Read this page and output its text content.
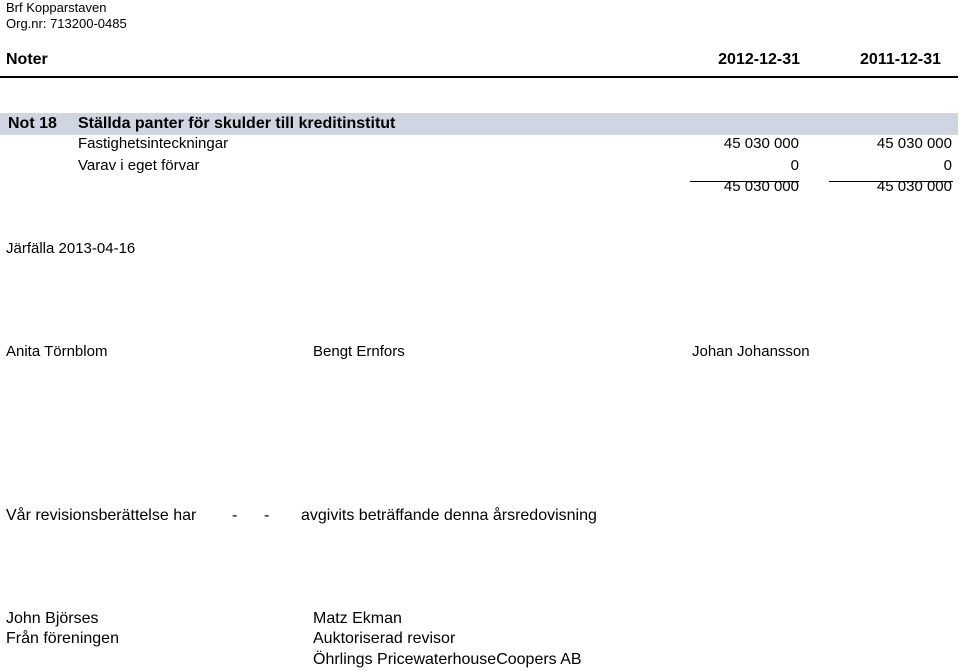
Brf Kopparstaven
Org.nr: 713200-0485
Noter	2012-12-31	2011-12-31
Not 18 Ställda panter för skulder till kreditinstitut
Fastighetsinteckningar	45 030 000	45 030 000
Varav i eget förvar	0	0
45 030 000	45 030 000
Järfälla 2013-04-16
Anita Törnblom	Bengt Ernfors	Johan Johansson
Vår revisionsberättelse har - - avgivits beträffande denna årsredovisning
John Björses
Från föreningen
Matz Ekman
Auktoriserad revisor
Öhrlings PricewaterhouseCoopers AB
